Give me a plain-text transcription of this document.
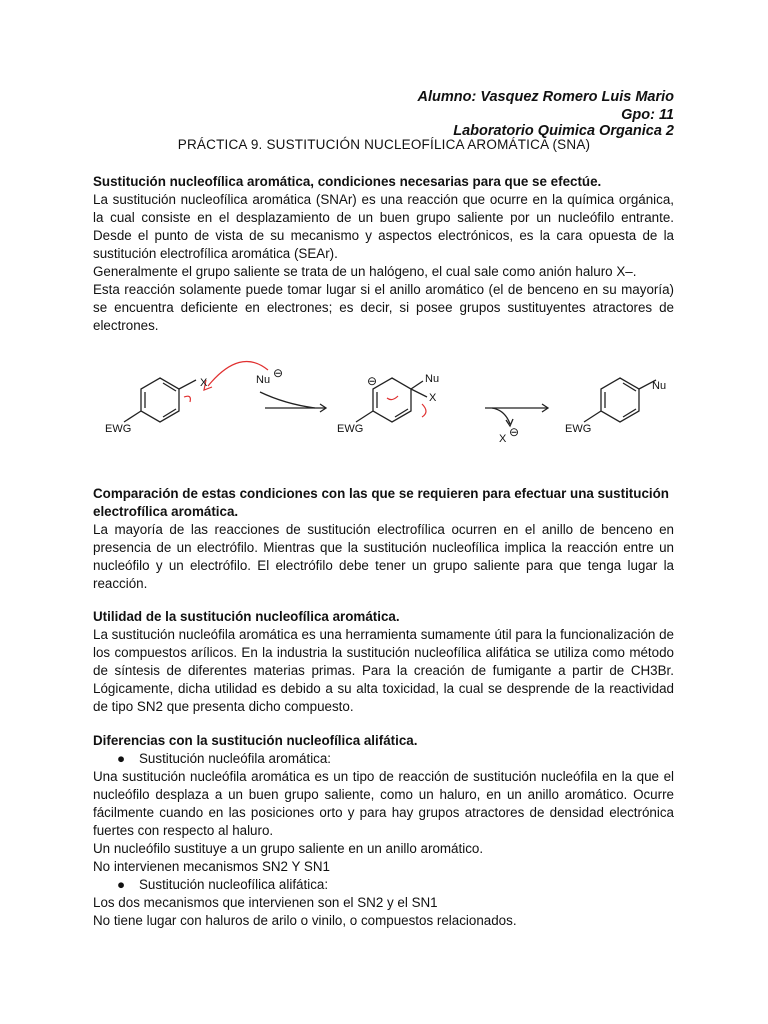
Alumno: Vasquez Romero Luis Mario
Gpo: 11
Laboratorio Quimica Organica 2
PRÁCTICA 9. SUSTITUCIÓN NUCLEOFÍLICA AROMÁTICA (SNA)
Sustitución nucleofílica aromática, condiciones necesarias para que se efectúe.

La sustitución nucleofílica aromática (SNAr) es una reacción que ocurre en la química orgánica, la cual consiste en el desplazamiento de un buen grupo saliente por un nucleófilo entrante. Desde el punto de vista de su mecanismo y aspectos electrónicos, es la cara opuesta de la sustitución electrofílica aromática (SEAr).

Generalmente el grupo saliente se trata de un halógeno, el cual sale como anión haluro X–.

Esta reacción solamente puede tomar lugar si el anillo aromático (el de benceno en su mayoría) se encuentra deficiente en electrones; es decir, si posee grupos sustituyentes atractores de electrones.

EWG
X	Nu ⊖
EWG
⊖	Nu
X
X ⊖	EWG
Nu
Comparación de estas condiciones con las que se requieren para efectuar una sustitución electrofílica aromática.

La mayoría de las reacciones de sustitución electrofílica ocurren en el anillo de benceno en presencia de un electrófilo. Mientras que la sustitución nucleofílica implica la reacción entre un nucleófilo y un electrófilo. El electrófilo debe tener un grupo saliente para que tenga lugar la reacción.

Utilidad de la sustitución nucleofílica aromática.

La sustitución nucleófila aromática es una herramienta sumamente útil para la funcionalización de los compuestos arílicos. En la industria la sustitución nucleofílica alifática se utiliza como método de síntesis de diferentes materias primas. Para la creación de fumigante a partir de CH3Br. Lógicamente, dicha utilidad es debido a su alta toxicidad, la cual se desprende de la reactividad de tipo SN2 que presenta dicho compuesto.

Diferencias con la sustitución nucleofílica alifática.
●	Sustitución nucleófila aromática:

Una sustitución nucleófila aromática es un tipo de reacción de sustitución nucleófila en la que el nucleófilo desplaza a un buen grupo saliente, como un haluro, en un anillo aromático. Ocurre fácilmente cuando en las posiciones orto y para hay grupos atractores de densidad electrónica fuertes con respecto al haluro.

Un nucleófilo sustituye a un grupo saliente en un anillo aromático.

No intervienen mecanismos SN2 Y SN1

●	Sustitución nucleofílica alifática:

Los dos mecanismos que intervienen son el SN2 y el SN1

No tiene lugar con haluros de arilo o vinilo, o compuestos relacionados.
